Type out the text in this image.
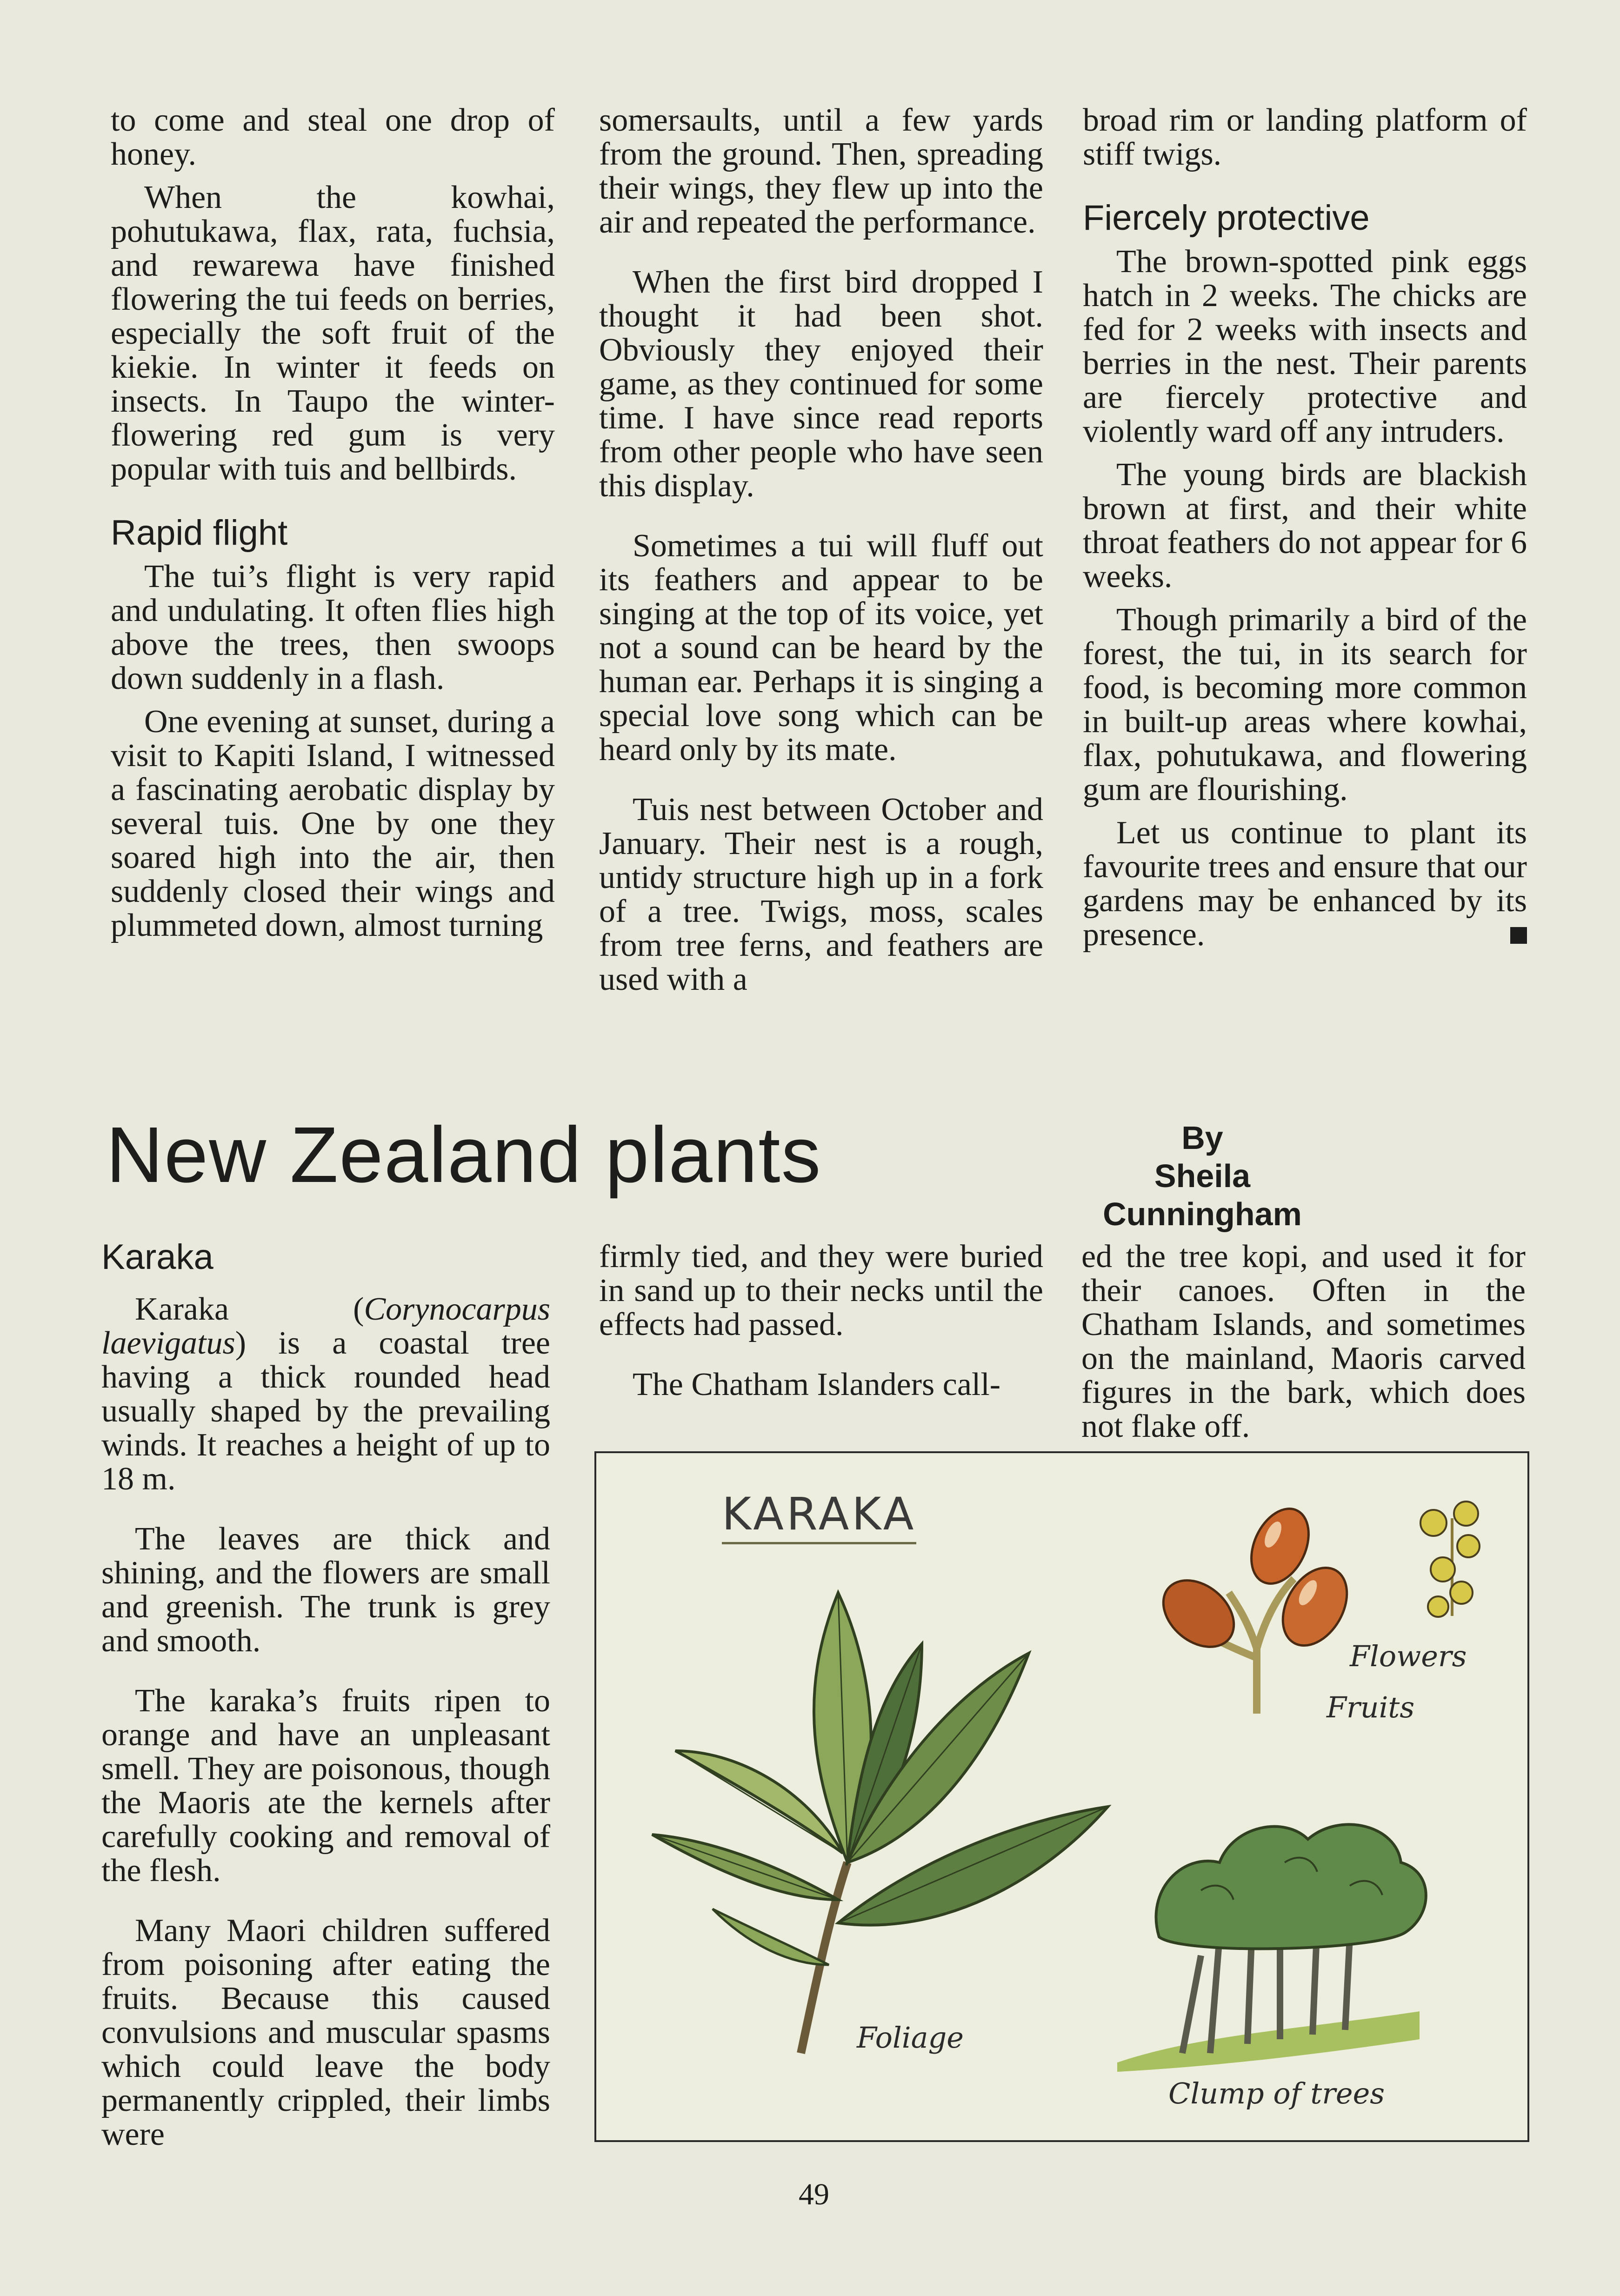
to come and steal one drop of honey.

When the kowhai, pohutukawa, flax, rata, fuchsia, and rewarewa have finished flowering the tui feeds on berries, especially the soft fruit of the kiekie. In winter it feeds on insects. In Taupo the winter-flowering red gum is very popular with tuis and bellbirds.

Rapid flight

The tui’s flight is very rapid and undulating. It often flies high above the trees, then swoops down suddenly in a flash.

One evening at sunset, during a visit to Kapiti Island, I witnessed a fascinating aerobatic display by several tuis. One by one they soared high into the air, then suddenly closed their wings and plummeted down, almost turning

somersaults, until a few yards from the ground. Then, spreading their wings, they flew up into the air and repeated the performance.

When the first bird dropped I thought it had been shot. Obviously they enjoyed their game, as they continued for some time. I have since read reports from other people who have seen this display.

Sometimes a tui will fluff out its feathers and appear to be singing at the top of its voice, yet not a sound can be heard by the human ear. Perhaps it is singing a special love song which can be heard only by its mate.

Tuis nest between October and January. Their nest is a rough, untidy structure high up in a fork of a tree. Twigs, moss, scales from tree ferns, and feathers are used with a

broad rim or landing platform of stiff twigs.

Fiercely protective

The brown-spotted pink eggs hatch in 2 weeks. The chicks are fed for 2 weeks with insects and berries in the nest. Their parents are fiercely protective and violently ward off any intruders.

The young birds are blackish brown at first, and their white throat feathers do not appear for 6 weeks.

Though primarily a bird of the forest, the tui, in its search for food, is becoming more common in built-up areas where kowhai, flax, pohutukawa, and flowering gum are flourishing.

Let us continue to plant its favourite trees and ensure that our gardens may be enhanced by its presence.

New Zealand plants	By
Sheila Cunningham
Karaka

Karaka (Corynocarpus laevigatus) is a coastal tree having a thick rounded head usually shaped by the prevailing winds. It reaches a height of up to 18 m.

The leaves are thick and shining, and the flowers are small and greenish. The trunk is grey and smooth.

The karaka’s fruits ripen to orange and have an unpleasant smell. They are poisonous, though the Maoris ate the kernels after carefully cooking and removal of the flesh.

Many Maori children suffered from poisoning after eating the fruits. Because this caused convulsions and muscular spasms which could leave the body permanently crippled, their limbs were

firmly tied, and they were buried in sand up to their necks until the effects had passed.

The Chatham Islanders call-

ed the tree kopi, and used it for their canoes. Often in the Chatham Islands, and sometimes on the mainland, Maoris carved figures in the bark, which does not flake off.

KARAKA
Flowers
Fruits
Foliage
Clump of trees
49
